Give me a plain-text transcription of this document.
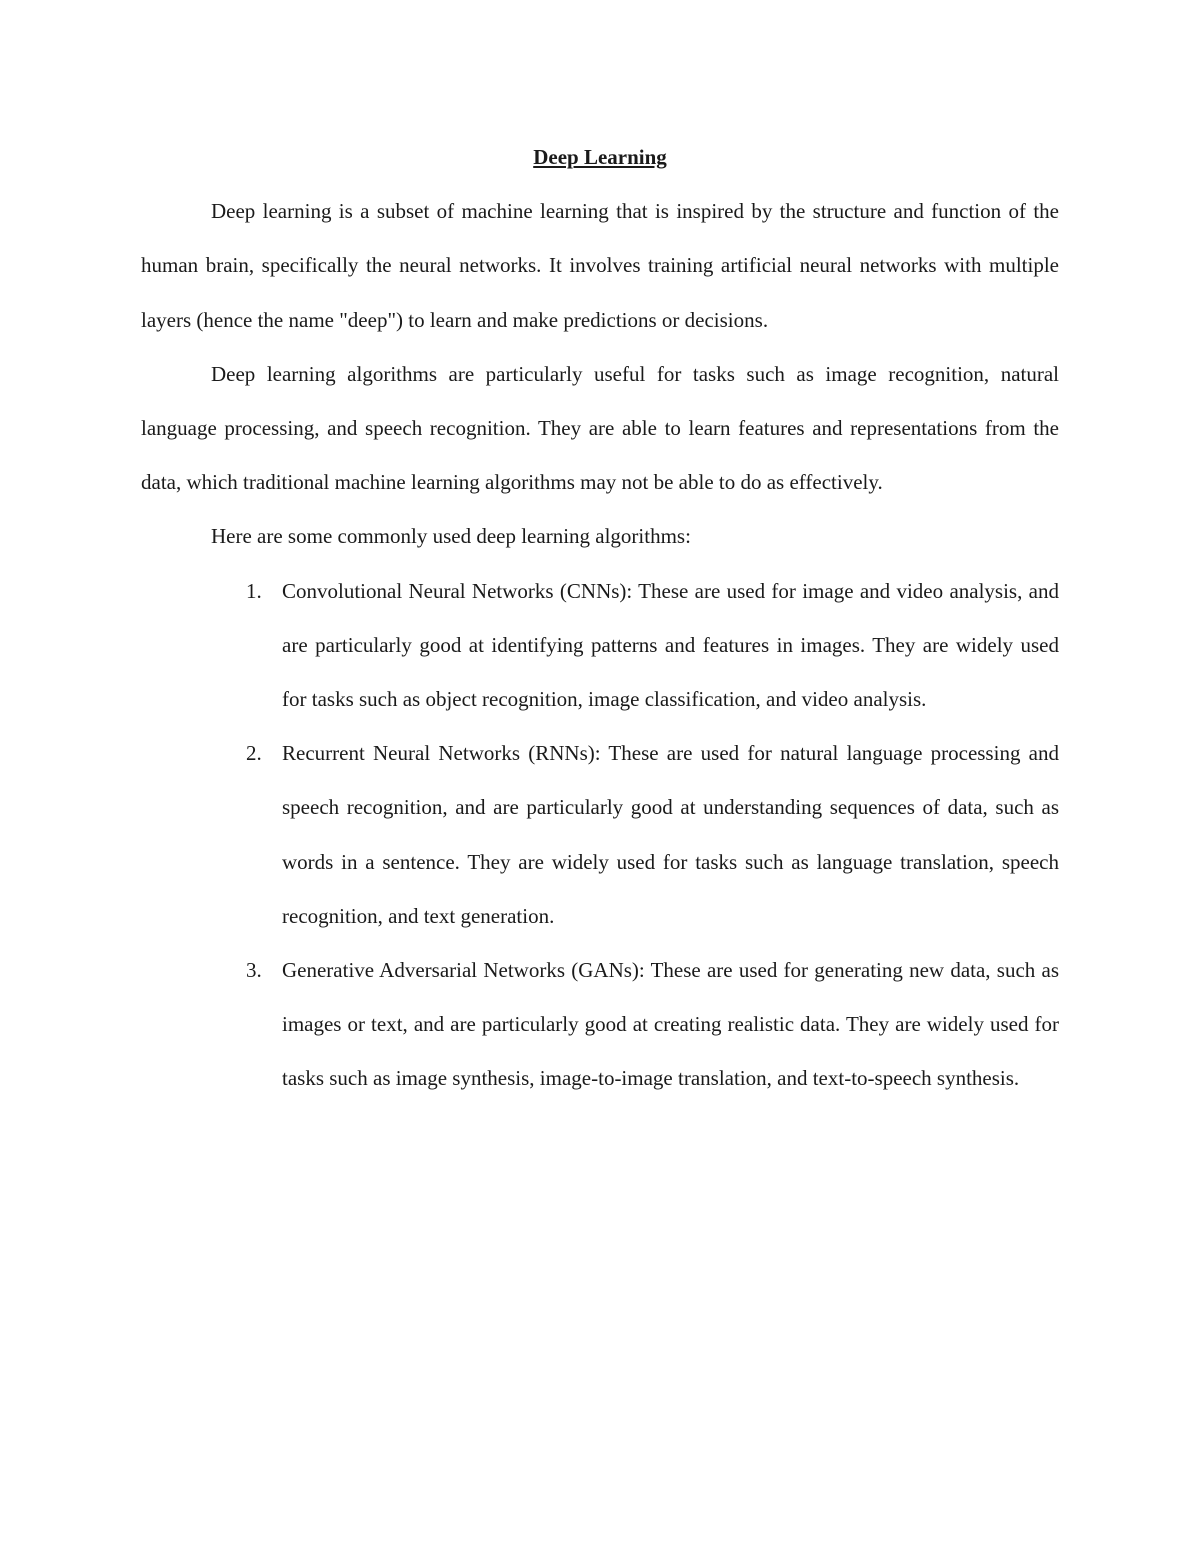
Deep Learning

Deep learning is a subset of machine learning that is inspired by the structure and function of the human brain, specifically the neural networks. It involves training artificial neural networks with multiple layers (hence the name "deep") to learn and make predictions or decisions.

Deep learning algorithms are particularly useful for tasks such as image recognition, natural language processing, and speech recognition. They are able to learn features and representations from the data, which traditional machine learning algorithms may not be able to do as effectively.

Here are some commonly used deep learning algorithms:

1. Convolutional Neural Networks (CNNs): These are used for image and video analysis, and are particularly good at identifying patterns and features in images. They are widely used for tasks such as object recognition, image classification, and video analysis.

2. Recurrent Neural Networks (RNNs): These are used for natural language processing and speech recognition, and are particularly good at understanding sequences of data, such as words in a sentence. They are widely used for tasks such as language translation, speech recognition, and text generation.

3. Generative Adversarial Networks (GANs): These are used for generating new data, such as images or text, and are particularly good at creating realistic data. They are widely used for tasks such as image synthesis, image-to-image translation, and text-to-speech synthesis.
